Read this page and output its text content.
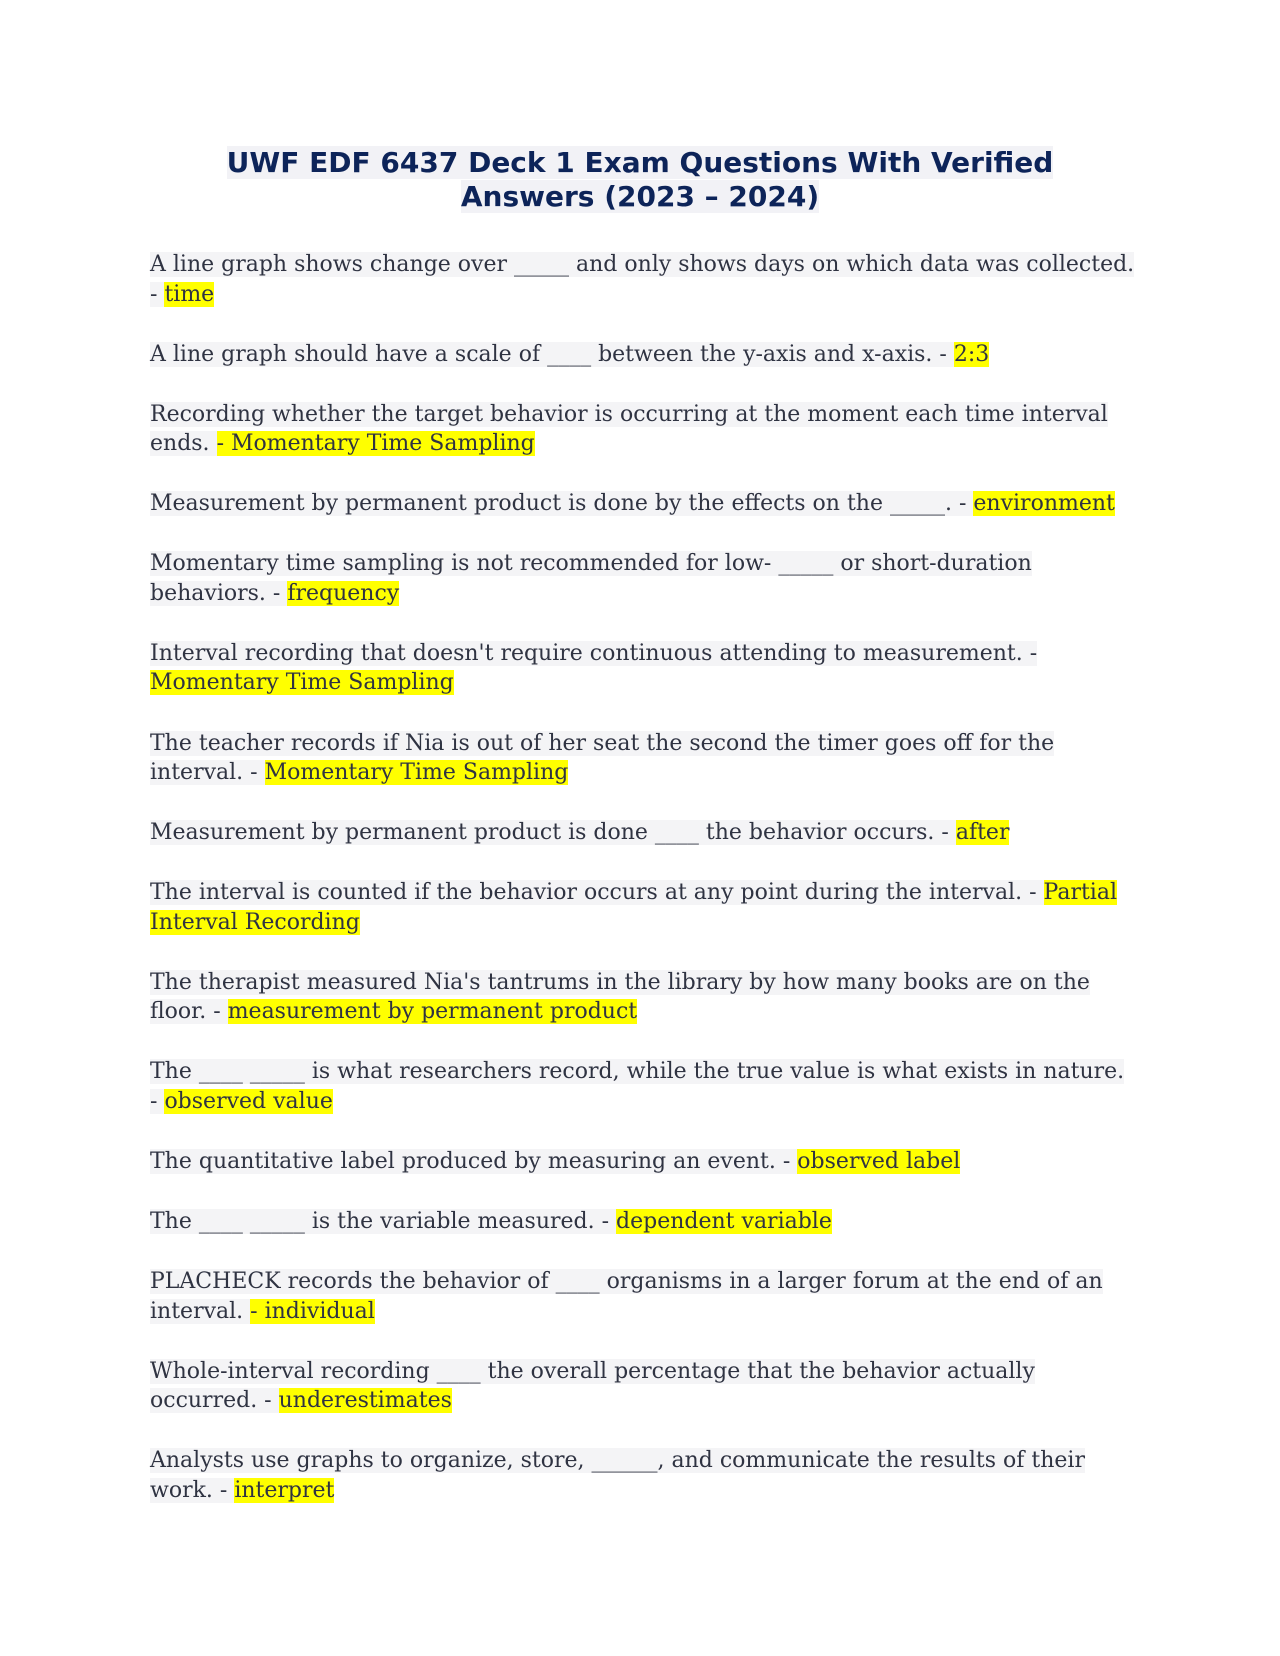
UWF EDF 6437 Deck 1 Exam Questions With Verified
Answers (2023 – 2024)
A line graph shows change over _____ and only shows days on which data was collected. - time
A line graph should have a scale of ____ between the y-axis and x-axis. - 2:3
Recording whether the target behavior is occurring at the moment each time interval ends. - Momentary Time Sampling
Measurement by permanent product is done by the effects on the _____. - environment
Momentary time sampling is not recommended for low- _____ or short-duration behaviors. - frequency
Interval recording that doesn't require continuous attending to measurement. - Momentary Time Sampling
The teacher records if Nia is out of her seat the second the timer goes off for the interval. - Momentary Time Sampling
Measurement by permanent product is done ____ the behavior occurs. - after
The interval is counted if the behavior occurs at any point during the interval. - Partial Interval Recording
The therapist measured Nia's tantrums in the library by how many books are on the floor. - measurement by permanent product
The ____ _____ is what researchers record, while the true value is what exists in nature. - observed value
The quantitative label produced by measuring an event. - observed label
The ____ _____ is the variable measured. - dependent variable
PLACHECK records the behavior of ____ organisms in a larger forum at the end of an interval. - individual
Whole-interval recording ____ the overall percentage that the behavior actually occurred. - underestimates
Analysts use graphs to organize, store, ______, and communicate the results of their work. - interpret
